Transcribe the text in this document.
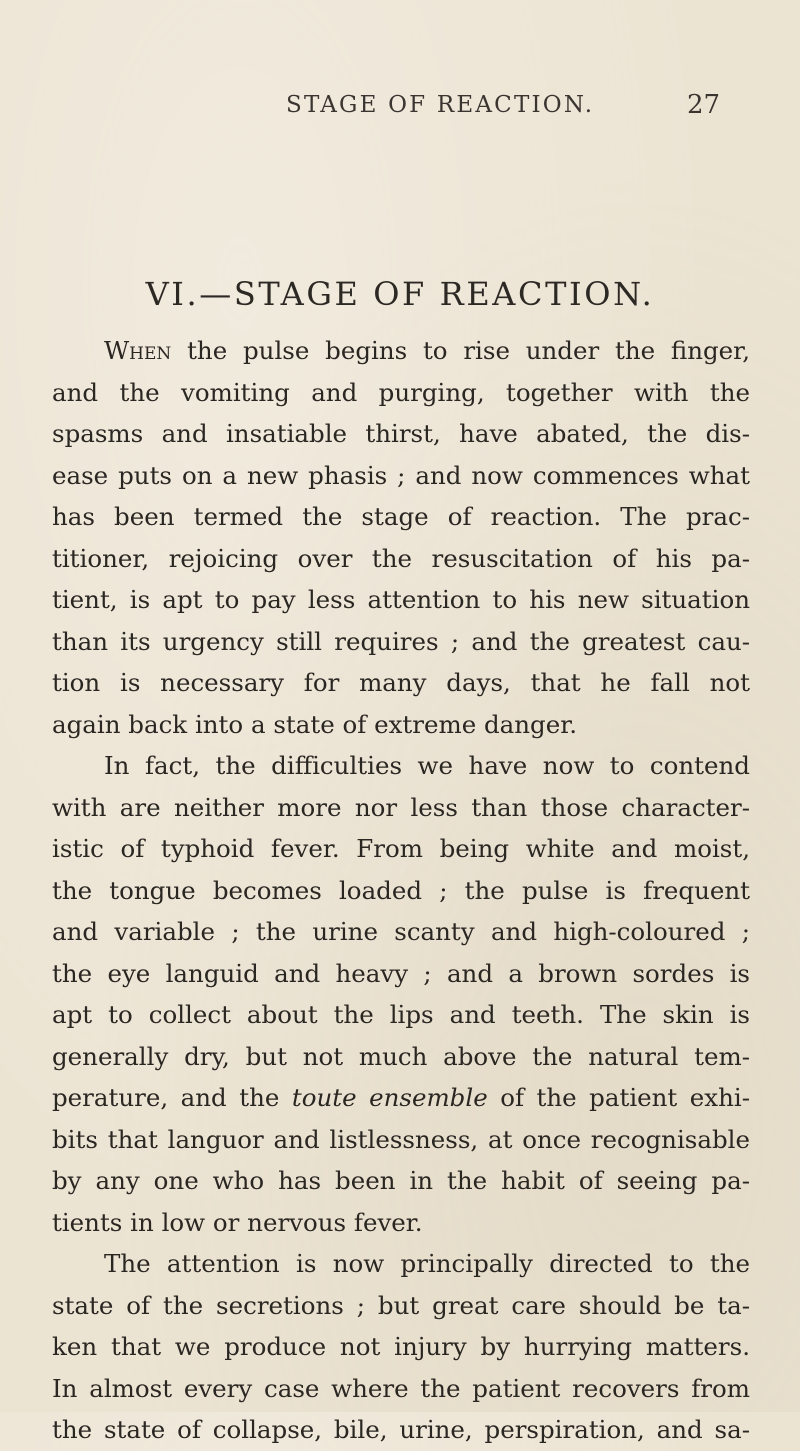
STAGE OF REACTION.	27
VI.—STAGE OF REACTION.
When the pulse begins to rise under the finger,
and the vomiting and purging, together with the
spasms and insatiable thirst, have abated, the dis-
ease puts on a new phasis ; and now commences what
has been termed the stage of reaction. The prac-
titioner, rejoicing over the resuscitation of his pa-
tient, is apt to pay less attention to his new situation
than its urgency still requires ; and the greatest cau-
tion is necessary for many days, that he fall not
again back into a state of extreme danger.
In fact, the difficulties we have now to contend
with are neither more nor less than those character-
istic of typhoid fever. From being white and moist,
the tongue becomes loaded ; the pulse is frequent
and variable ; the urine scanty and high-coloured ;
the eye languid and heavy ; and a brown sordes is
apt to collect about the lips and teeth. The skin is
generally dry, but not much above the natural tem-
perature, and the toute ensemble of the patient exhi-
bits that languor and listlessness, at once recognisable
by any one who has been in the habit of seeing pa-
tients in low or nervous fever.
The attention is now principally directed to the
state of the secretions ; but great care should be ta-
ken that we produce not injury by hurrying matters.
In almost every case where the patient recovers from
the state of collapse, bile, urine, perspiration, and sa-
